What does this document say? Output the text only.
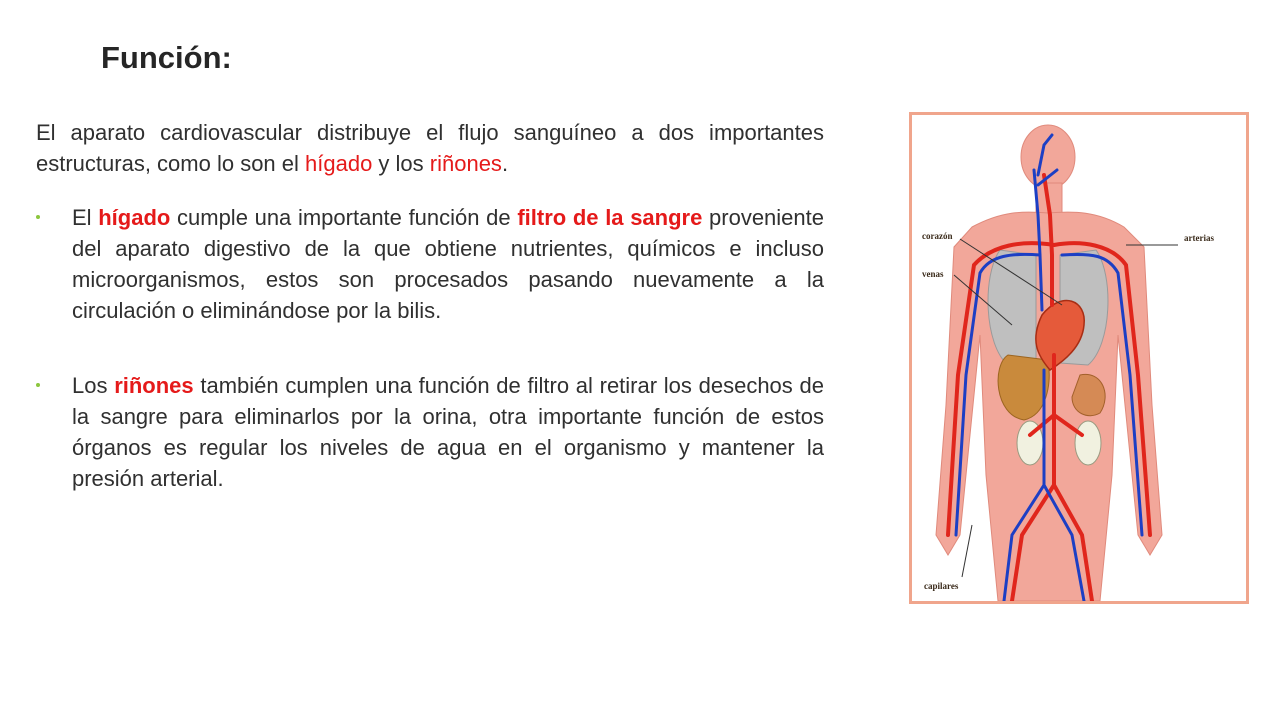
Función:

El aparato cardiovascular distribuye el flujo sanguíneo a dos importantes estructuras, como lo son el hígado y los riñones.

El hígado cumple una importante función de filtro de la sangre proveniente del aparato digestivo de la que obtiene nutrientes, químicos e incluso microorganismos, estos son procesados pasando nuevamente a la circulación o eliminándose por la bilis.

Los riñones también cumplen una función de filtro al retirar los desechos de la sangre para eliminarlos por la orina, otra importante función de estos órganos es regular los niveles de agua en el organismo y mantener la presión arterial.

corazón
venas
arterias
capilares
